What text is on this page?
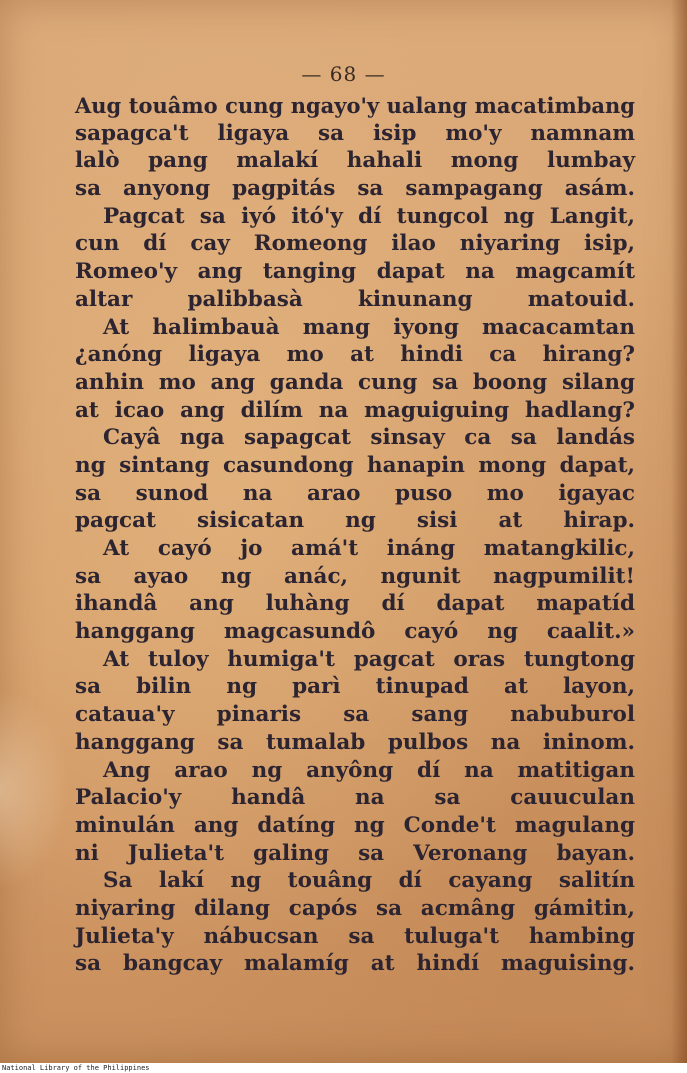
— 68 —
Aug touâmo cung ngayo'y ualang macatimbang
sapagca't ligaya sa isip mo'y namnam
lalò pang malakí hahali mong lumbay
sa anyong pagpitás sa sampagang asám.
Pagcat sa iyó itó'y dí tungcol ng Langit,
cun dí cay Romeong ilao niyaring isip,
Romeo'y ang tanging dapat na magcamít
altar palibbasà kinunang matouid.
At halimbauà mang iyong macacamtan
¿anóng ligaya mo at hindi ca hirang?
anhin mo ang ganda cung sa boong silang
at icao ang dilím na maguiguing hadlang?
Cayâ nga sapagcat sinsay ca sa landás
ng sintang casundong hanapin mong dapat,
sa sunod na arao puso mo igayac
pagcat sisicatan ng sisi at hirap.
At cayó jo amá't ináng matangkilic,
sa ayao ng anác, ngunit nagpumilit!
ihandâ ang luhàng dí dapat mapatíd
hanggang magcasundô cayó ng caalit.»
At tuloy humiga't pagcat oras tungtong
sa bilin ng parì tinupad at layon,
cataua'y pinaris sa sang nabuburol
hanggang sa tumalab pulbos na ininom.
Ang arao ng anyông dí na matitigan
Palacio'y handâ na sa cauuculan
minulán ang datíng ng Conde't magulang
ni Julieta't galing sa Veronang bayan.
Sa lakí ng touâng dí cayang salitín
niyaring dilang capós sa acmâng gámitin,
Julieta'y nábucsan sa tuluga't hambing
sa bangcay malamíg at hindí maguising.
National Library of the Philippines
